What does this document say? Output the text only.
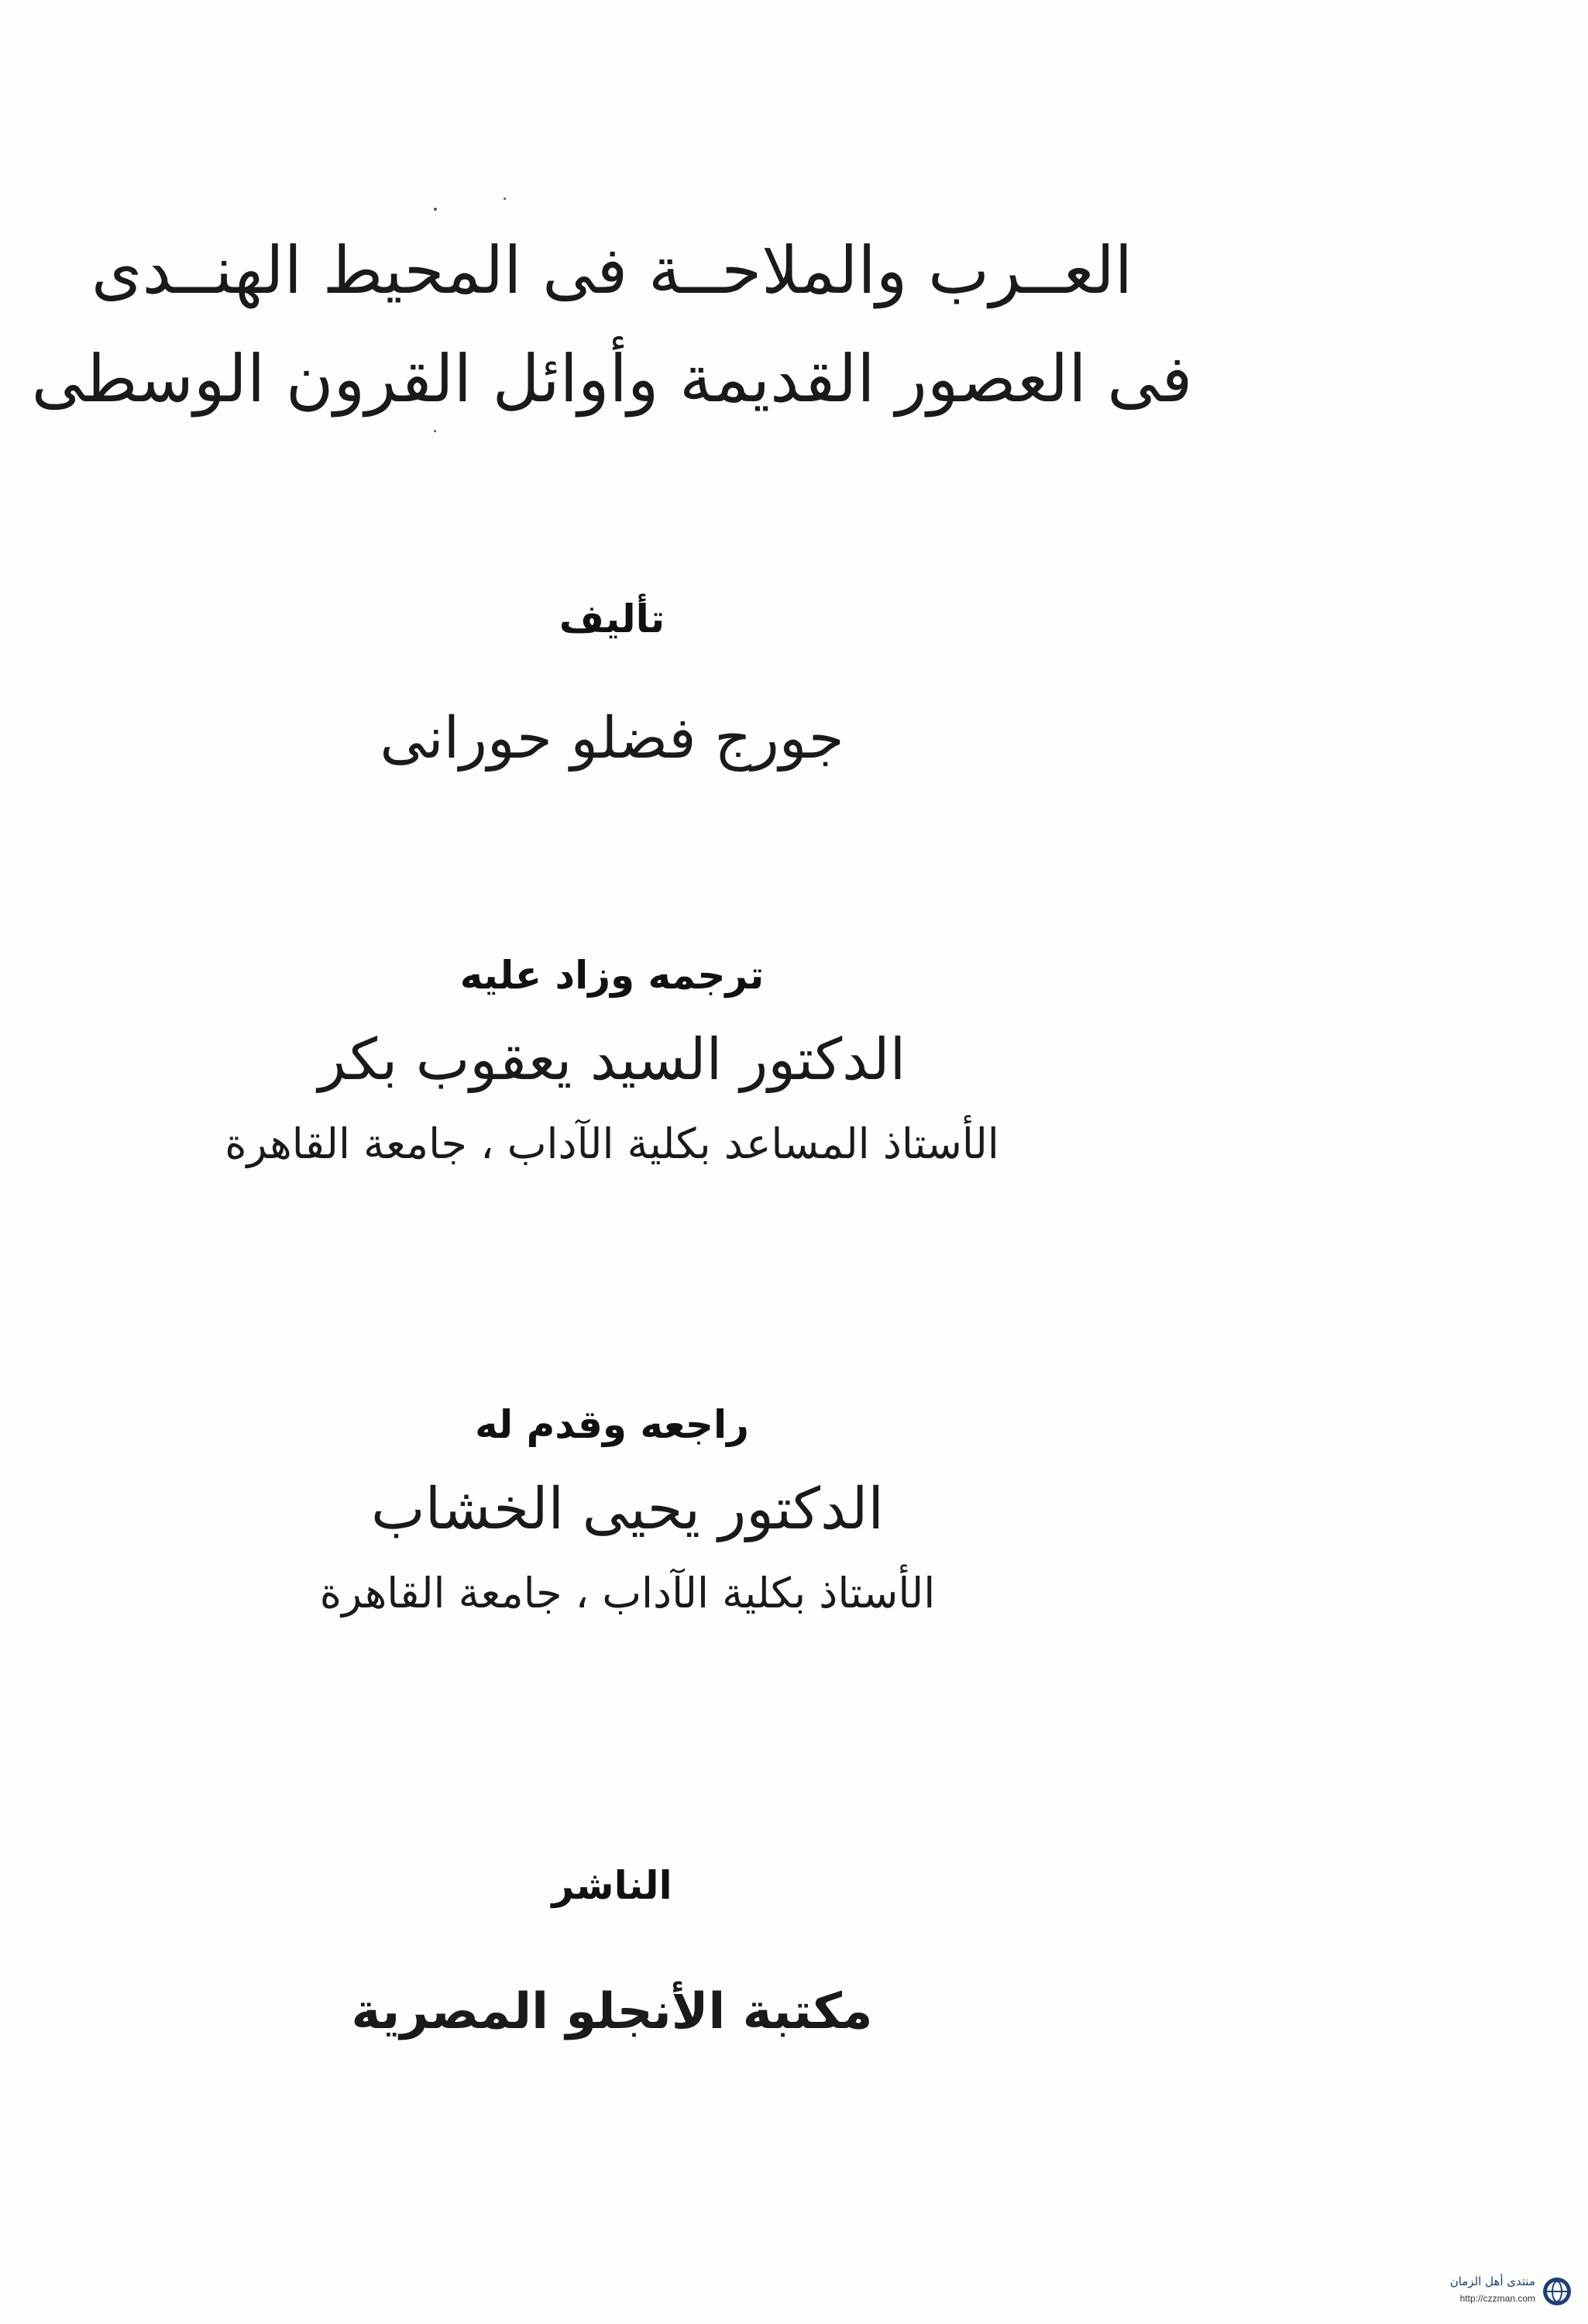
العــرب والملاحــة فى المحيط الهنــدى
فى العصور القديمة وأوائل القرون الوسطى
تأليف
جورج فضلو حورانى
ترجمه وزاد عليه
الدكتور السيد يعقوب بكر
الأستاذ المساعد بكلية الآداب ، جامعة القاهرة
راجعه وقدم له
الدكتور يحيى الخشاب
الأستاذ بكلية الآداب ، جامعة القاهرة
الناشر
مكتبة الأنجلو المصرية
منتدى أهل الزمان
http://czzman.com
